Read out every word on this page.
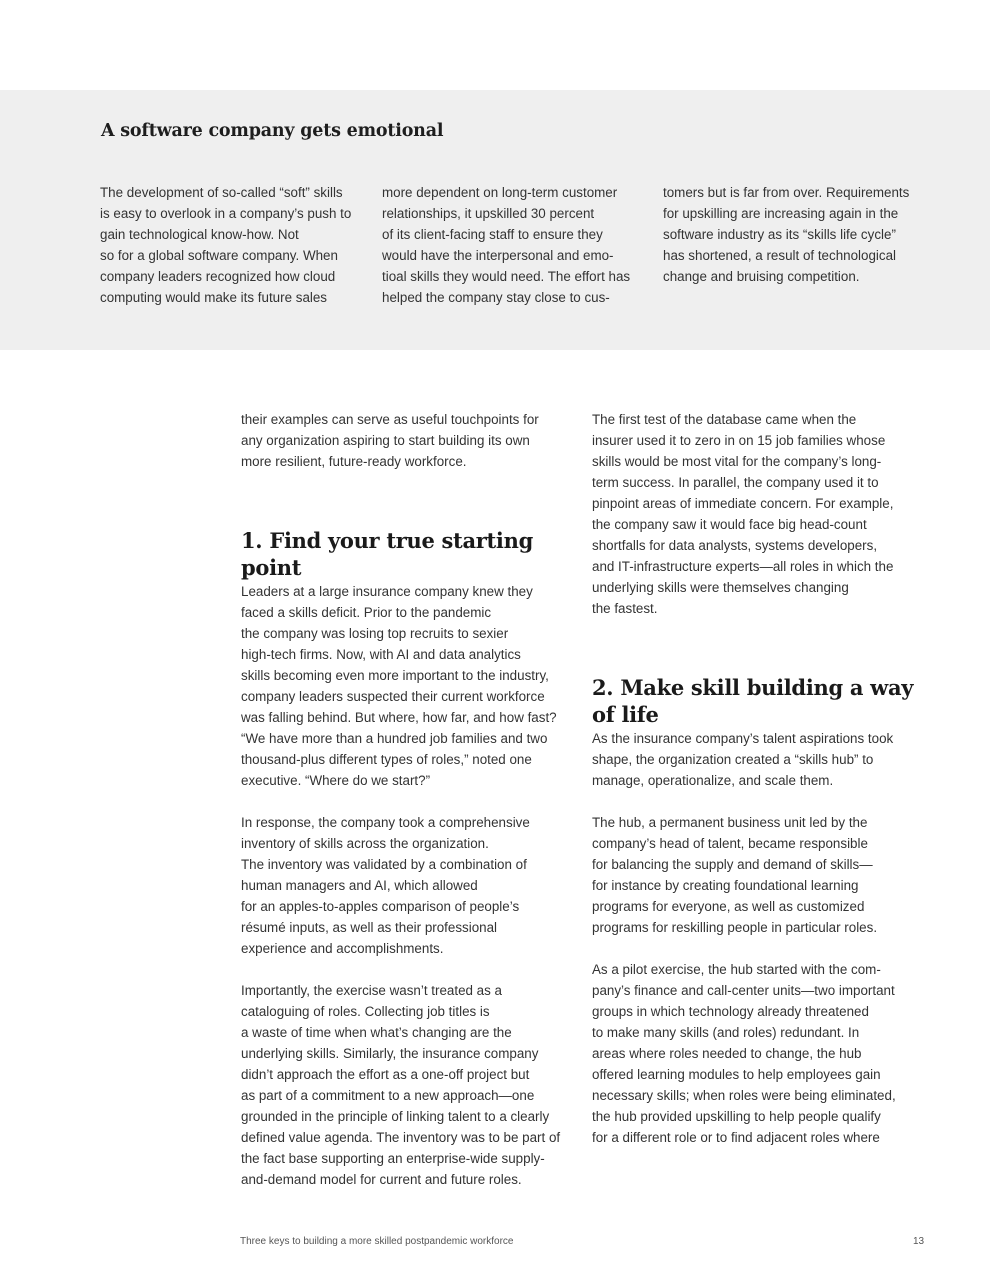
A software company gets emotional

The development of so-called “soft” skills
is easy to overlook in a company’s push to
gain technological know-how. Not
so for a global software company. When
company leaders recognized how cloud
computing would make its future sales

more dependent on long-term customer
relationships, it upskilled 30 percent
of its client-facing staff to ensure they
would have the interpersonal and emo-
tioal skills they would need. The effort has
helped the company stay close to cus-

tomers but is far from over. Requirements
for upskilling are increasing again in the
software industry as its “skills life cycle”
has shortened, a result of technological
change and bruising competition.

their examples can serve as useful touchpoints for
any organization aspiring to start building its own
more resilient, future-ready workforce.

1. Find your true starting point

Leaders at a large insurance company knew they
faced a skills deficit. Prior to the pandemic
the company was losing top recruits to sexier
high-tech firms. Now, with AI and data analytics
skills becoming even more important to the industry,
company leaders suspected their current workforce
was falling behind. But where, how far, and how fast?
“We have more than a hundred job families and two
thousand-plus different types of roles,” noted one
executive. “Where do we start?”

In response, the company took a comprehensive
inventory of skills across the organization.
The inventory was validated by a combination of
human managers and AI, which allowed
for an apples-to-apples comparison of people’s
résumé inputs, as well as their professional
experience and accomplishments.

Importantly, the exercise wasn’t treated as a
cataloguing of roles. Collecting job titles is
a waste of time when what’s changing are the
underlying skills. Similarly, the insurance company
didn’t approach the effort as a one-off project but
as part of a commitment to a new approach—one
grounded in the principle of linking talent to a clearly
defined value agenda. The inventory was to be part of
the fact base supporting an enterprise-wide supply-
and-demand model for current and future roles.

The first test of the database came when the
insurer used it to zero in on 15 job families whose
skills would be most vital for the company’s long-
term success. In parallel, the company used it to
pinpoint areas of immediate concern. For example,
the company saw it would face big head-count
shortfalls for data analysts, systems developers,
and IT-infrastructure experts—all roles in which the
underlying skills were themselves changing
the fastest.

2. Make skill building a way
of life

As the insurance company’s talent aspirations took
shape, the organization created a “skills hub” to
manage, operationalize, and scale them.

The hub, a permanent business unit led by the
company’s head of talent, became responsible
for balancing the supply and demand of skills—
for instance by creating foundational learning
programs for everyone, as well as customized
programs for reskilling people in particular roles.

As a pilot exercise, the hub started with the com-
pany’s finance and call-center units—two important
groups in which technology already threatened
to make many skills (and roles) redundant. In
areas where roles needed to change, the hub
offered learning modules to help employees gain
necessary skills; when roles were being eliminated,
the hub provided upskilling to help people qualify
for a different role or to find adjacent roles where

Three keys to building a more skilled postpandemic workforce	13
